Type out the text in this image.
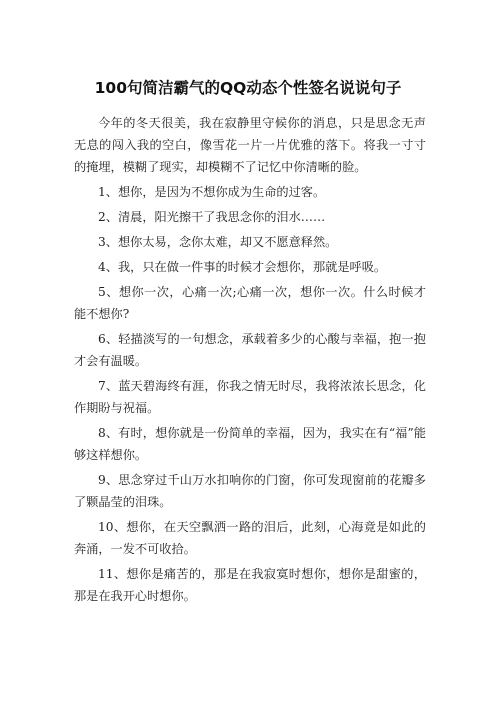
100句简洁霸气的QQ动态个性签名说说句子

今年的冬天很美，我在寂静里守候你的消息，只是思念无声无息的闯入我的空白，像雪花一片一片优雅的落下。将我一寸寸的掩埋，模糊了现实，却模糊不了记忆中你清晰的脸。

1、想你，是因为不想你成为生命的过客。

2、清晨，阳光擦干了我思念你的泪水……

3、想你太易，念你太难，却又不愿意释然。

4、我，只在做一件事的时候才会想你，那就是呼吸。

5、想你一次，心痛一次;心痛一次，想你一次。什么时候才能不想你?

6、轻描淡写的一句想念，承载着多少的心酸与幸福，抱一抱才会有温暖。

7、蓝天碧海终有涯，你我之情无时尽，我将浓浓长思念，化作期盼与祝福。

8、有时，想你就是一份简单的幸福，因为，我实在有“福”能够这样想你。

9、思念穿过千山万水扣响你的门窗，你可发现窗前的花瓣多了颗晶莹的泪珠。

10、想你，在天空飘洒一路的泪后，此刻，心海竟是如此的奔涌，一发不可收拾。

11、想你是痛苦的，那是在我寂寞时想你，想你是甜蜜的，那是在我开心时想你。
